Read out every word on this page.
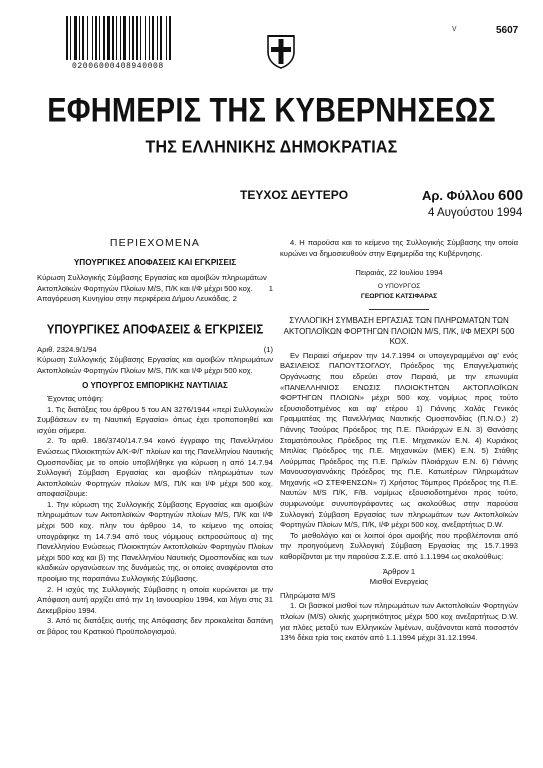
02006000408940008
v	5607
ΕΦΗΜΕΡΙΣ ΤΗΣ ΚΥΒΕΡΝΗΣΕΩΣ
ΤΗΣ ΕΛΛΗΝΙΚΗΣ ΔΗΜΟΚΡΑΤΙΑΣ
ΤΕΥΧΟΣ ΔΕΥΤΕΡΟ	Αρ. Φύλλου 600
4 Αυγούστου 1994
ΠΕΡΙΕΧΟΜΕΝΑ
ΥΠΟΥΡΓΙΚΕΣ ΑΠΟΦΑΣΕΙΣ ΚΑΙ ΕΓΚΡΙΣΕΙΣ
Κύρωση Συλλογικής Σύμβασης Εργασίας και αμοιβών πληρωμάτων Ακτοπλοϊκών Φορτηγών Πλοίων M/S, Π/Κ και Ι/Φ μέχρι 500 κοχ.	1
Απαγόρευση Κυνηγίου στην περιφέρεια Δήμου Λευκάδας. 2
ΥΠΟΥΡΓΙΚΕΣ ΑΠΟΦΑΣΕΙΣ & ΕΓΚΡΙΣΕΙΣ
Αριθ. 2324.9/1/94	(1)
Κύρωση Συλλογικής Σύμβασης Εργασίας και αμοιβών πληρωμάτων Ακτοπλοϊκών Φορτηγών Πλοίων M/S, Π/Κ και Ι/Φ μέχρι 500 κοχ.
Ο ΥΠΟΥΡΓΟΣ ΕΜΠΟΡΙΚΗΣ ΝΑΥΤΙΛΙΑΣ
Έχοντας υπόψη:
1. Τις διατάξεις του άρθρου 5 του ΑΝ 3276/1944 «περί Συλλογικών Συμβάσεων εν τη Ναυτική Εργασία» όπως έχει τροποποιηθεί και ισχύει σήμερα.
2. Το αριθ. 186/3740/14.7.94 κοινό έγγραφο της Πανελληνίου Ενώσεως Πλοιοκτητών Α/Κ-Φ/Γ πλοίων και της Πανελληνίου Ναυτικής Ομοσπονδίας με το οποίο υποβλήθηκε για κύρωση η από 14.7.94 Συλλογική Σύμβαση Εργασίας και αμοιβών πληρωμάτων των Ακτοπλοϊκών Φορτηγών πλοίων M/S, Π/Κ και Ι/Φ μέχρι 500 κοχ. αποφασίζουμε:
1. Την κύρωση της Συλλογικής Σύμβασης Εργασίας και αμοιβών πληρωμάτων των Ακτοπλοϊκών Φορτηγών πλοίων M/S, Π/Κ και Ι/Φ μέχρι 500 κοχ. πλην του άρθρου 14, το κείμενο της οποίας υπογράφηκε τη 14.7.94 από τους νόμιμους εκπροσώπους α) της Πανελληνίου Ενώσεως Πλοιοκτητών Ακτοπλοϊκών Φορτηγών Πλοίων μέχρι 500 κοχ και β) της Πανελληνίου Ναυτικής Ομοσπονδίας και των κλαδικών οργανώσεων της δυνάμεώς της, οι οποίες αναφέρονται στο προοίμιο της παραπάνω Συλλογικής Σύμβασης.
2. Η ισχύς της Συλλογικής Σύμβασης η οποία κυρώνεται με την Απόφαση αυτή αρχίζει από την 1η Ιανουαρίου 1994, και λήγει στις 31 Δεκεμβρίου 1994.
3. Από τις διατάξεις αυτής της Απόφασης δεν προκαλείται δαπάνη σε βάρος του Κρατικού Προϋπολογισμού.
4. Η παρούσα και το κείμενο της Συλλογικής Σύμβασης την οποία κυρώνει να δημοσιευθούν στην Εφημερίδα της Κυβέρνησης.
Πειραιάς, 22 Ιουλίου 1994
Ο ΥΠΟΥΡΓΟΣ
ΓΕΩΡΓΙΟΣ ΚΑΤΣΙΦΑΡΑΣ
ΣΥΛΛΟΓΙΚΗ ΣΥΜΒΑΣΗ ΕΡΓΑΣΙΑΣ ΤΩΝ ΠΛΗΡΩΜΑΤΩΝ ΤΩΝ ΑΚΤΟΠΛΟΪΚΩΝ ΦΟΡΤΗΓΩΝ ΠΛΟΙΩΝ M/S, Π/Κ, Ι/Φ ΜΕΧΡΙ 500 ΚΟΧ.
Εν Πειραιεί σήμερον την 14.7.1994 οι υπογεγραμμένοι αφ' ενός ΒΑΣΙΛΕΙΟΣ ΠΑΠΟΥΤΣΟΓΛΟΥ, Πρόεδρος της Επαγγελματικής Οργάνωσης που εδρεύει στον Πειραιά, με την επωνυμία «ΠΑΝΕΛΛΗΝΙΟΣ ΕΝΩΣΙΣ ΠΛΟΙΟΚΤΗΤΩΝ ΑΚΤΟΠΛΟΪΚΩΝ ΦΟΡΤΗΓΩΝ ΠΛΟΙΩΝ» μέχρι 500 κοχ. νομίμως προς τούτο εξουσιοδοτημένος και αφ' ετέρου 1) Γιάννης Χαλάς Γενικός Γραμματέας της Πανελλήνιας Ναυτικής Ομοσπονδίας (Π.Ν.Ο.) 2) Γιάννης Τσούρας Πρόεδρος της Π.Ε. Πλοιάρχων Ε.Ν. 3) Θανάσης Σταματόπουλος Πρόεδρος της Π.Ε. Μηχανικών Ε.Ν. 4) Κυριάκος Μπιλίας Πρόεδρος της Π.Ε. Μηχανικών (ΜΕΚ) Ε.Ν. 5) Στάθης Λούρμπας Πρόεδρος της Π.Ε. Πρ/κών Πλοιάρχων Ε.Ν. 6) Γιάννης Μανουσογιαννάκης Πρόεδρος της Π.Ε. Κατωτέρων Πληρωμάτων Μηχανής «Ο ΣΤΕΦΕΝΣΩΝ» 7) Χρήστος Τόμπρος Πρόεδρος της Π.Ε. Ναυτών M/S Π/Κ, F/B. νομίμως εξουσιοδοτημένοι προς τούτο, συμφωνούμε συνυπογράφοντες ως ακολούθως στην παρούσα Συλλογική Σύμβαση Εργασίας των πληρωμάτων των Ακτοπλοϊκών Φορτηγών Πλοίων M/S, Π/Κ, Ι/Φ μέχρι 500 κοχ. ανεξαρτήτως D.W.
Το μισθολόγιο και οι λοιποί όροι αμοιβής που προβλέπονται από την προηγούμενη Συλλογική Σύμβαση Εργασίας της 15.7.1993 καθορίζονται με την παρούσα Σ.Σ.Ε. από 1.1.1994 ως ακολούθως:
Άρθρον 1
Μισθοί Ενεργείας
Πληρώματα M/S
1. Οι βασικοί μισθοί των πληρωμάτων των Ακτοπλοϊκών Φορτηγών πλοίων (M/S) ολικής χωρητικότητος μέχρι 500 κοχ ανεξαρτήτως D.W. για πλόες μεταξύ των Ελληνικών λιμένων, αυξάνονται κατά ποσοστόν 13% δέκα τρία τοις εκατόν από 1.1.1994 μέχρι 31.12.1994.
